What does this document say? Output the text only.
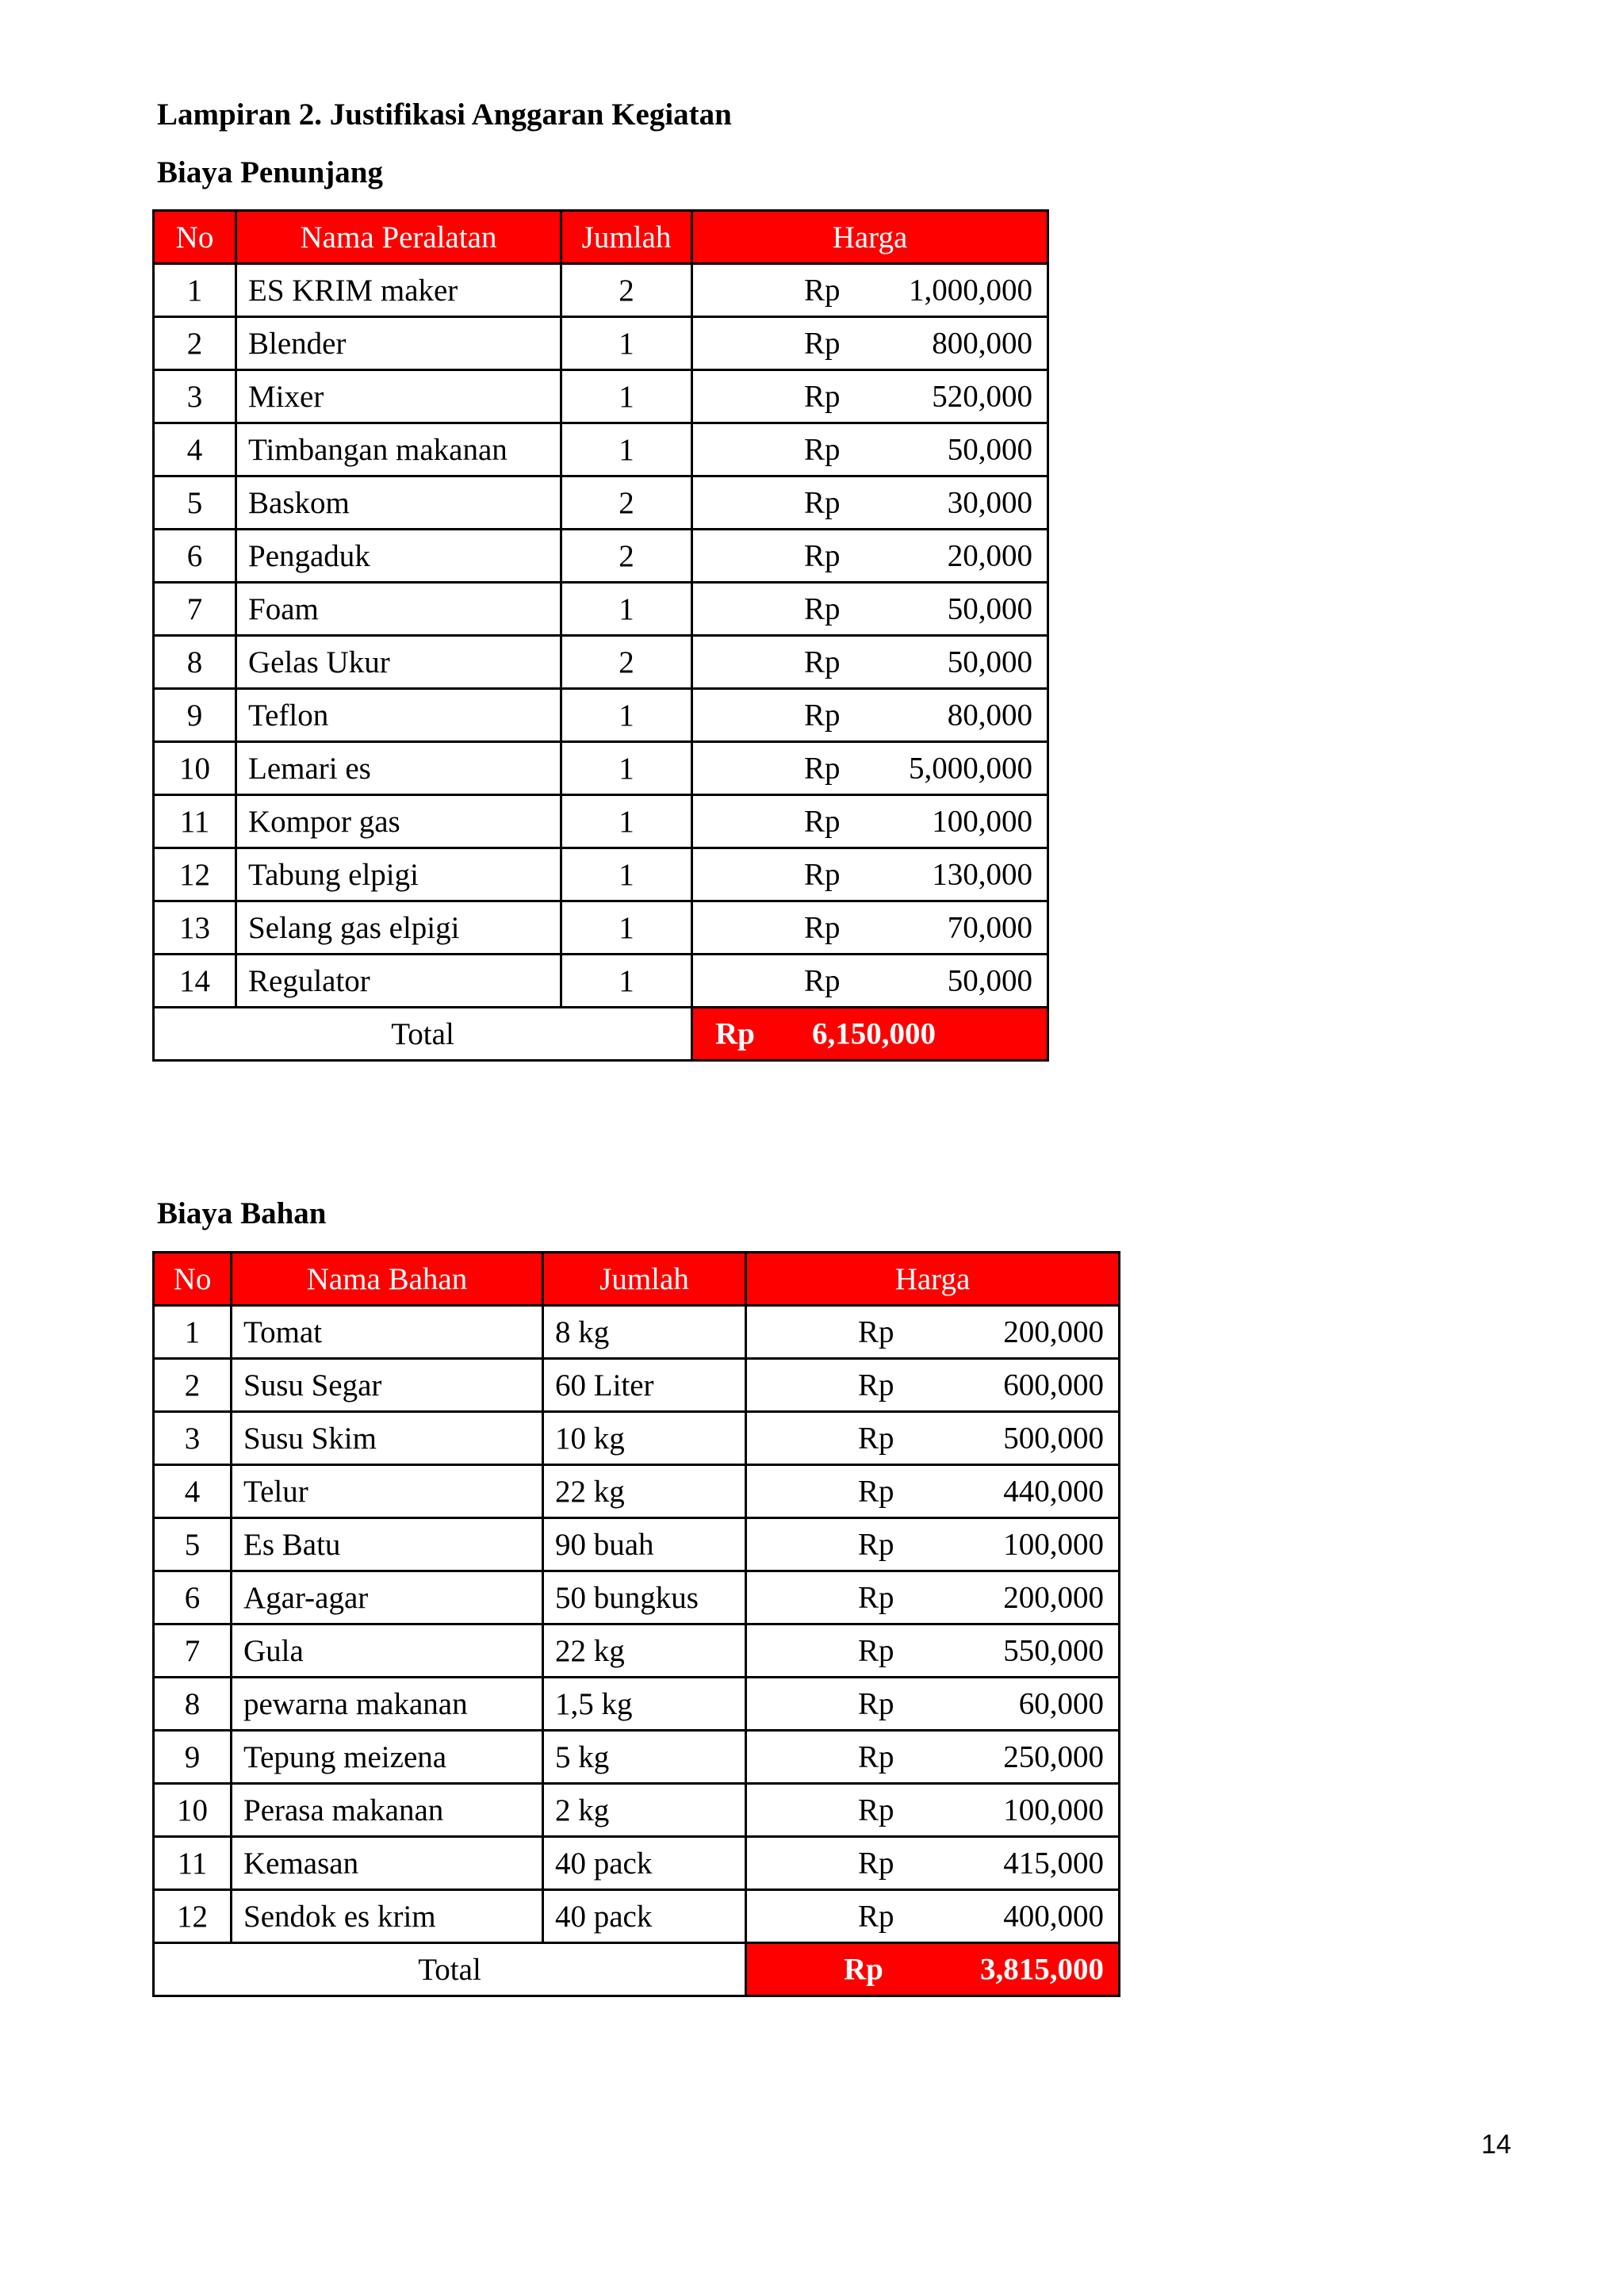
Lampiran 2. Justifikasi Anggaran Kegiatan
Biaya Penunjang
No	Nama Peralatan	Jumlah	Harga
1	ES KRIM maker	2	Rp 1,000,000

2	Blender	1	Rp 800,000

3	Mixer	1	Rp 520,000

4	Timbangan makanan	1	Rp 50,000

5	Baskom	2	Rp 30,000

6	Pengaduk	2	Rp 20,000

7	Foam	1	Rp 50,000

8	Gelas Ukur	2	Rp 50,000

9	Teflon	1	Rp 80,000

10	Lemari es	1	Rp 5,000,000

11	Kompor gas	1	Rp 100,000

12	Tabung elpigi	1	Rp 130,000

13	Selang gas elpigi	1	Rp 70,000

14	Regulator	1	Rp 50,000

Total			Rp 6,150,000
Biaya Bahan
No	Nama Bahan	Jumlah	Harga
1	Tomat	8 kg	Rp 200,000

2	Susu Segar	60 Liter	Rp 600,000

3	Susu Skim	10 kg	Rp 500,000

4	Telur	22 kg	Rp 440,000

5	Es Batu	90 buah	Rp 100,000

6	Agar-agar	50 bungkus	Rp 200,000

7	Gula	22 kg	Rp 550,000

8	pewarna makanan	1,5 kg	Rp 60,000

9	Tepung meizena	5 kg	Rp 250,000

10	Perasa makanan	2 kg	Rp 100,000

11	Kemasan	40 pack	Rp 415,000

12	Sendok es krim	40 pack	Rp 400,000

Total			Rp 3,815,000
14
